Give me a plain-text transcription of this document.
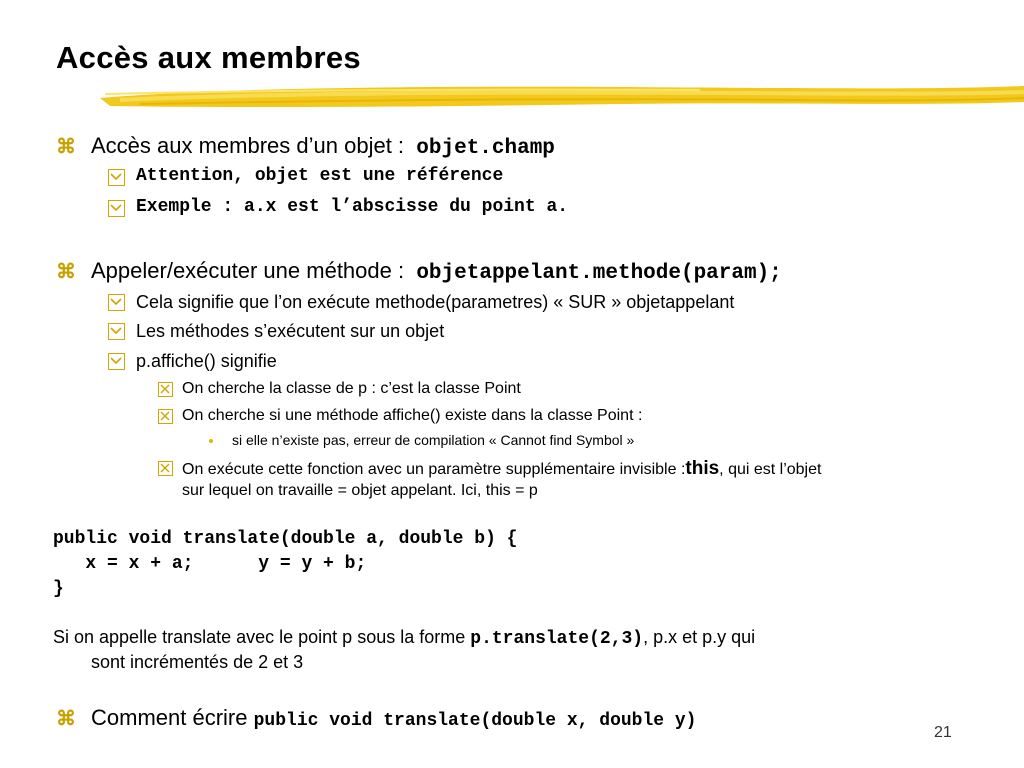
Accès aux membres
⌘ Accès aux membres d’un objet : objet.champ
Attention, objet est une référence
Exemple : a.x est l’abscisse du point a.
⌘ Appeler/exécuter une méthode : objetappelant.methode(param);
Cela signifie que l’on exécute methode(parametres) « SUR » objetappelant
Les méthodes s’exécutent sur un objet
p.affiche() signifie
On cherche la classe de p : c’est la classe Point
On cherche si une méthode affiche() existe dans la classe Point :
si elle n’existe pas, erreur de compilation « Cannot find Symbol »
On exécute cette fonction avec un paramètre supplémentaire invisible :this, qui est l’objet
sur lequel on travaille = objet appelant. Ici, this = p
public void translate(double a, double b) {
x = x + a;      y = y + b;
}
Si on appelle translate avec le point p sous la forme p.translate(2,3), p.x et p.y qui
sont incrémentés de 2 et 3
⌘ Comment écrire public void translate(double x, double y)
21
